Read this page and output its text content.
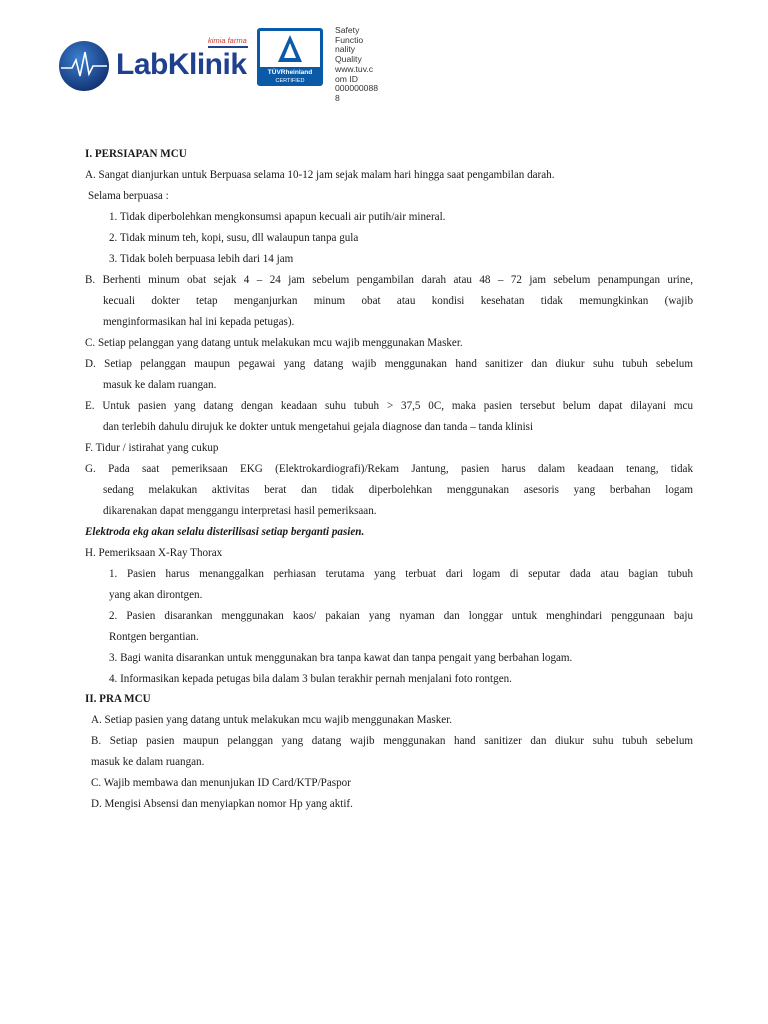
LabKlinik
kimia farma
TÜVRheinland
CERTIFIED
Safety
Functio
nality
Quality
www.tuv.c
om ID
000000088
8
I. PERSIAPAN MCU
A. Sangat dianjurkan untuk Berpuasa selama 10-12 jam sejak malam hari hingga saat pengambilan darah.
Selama berpuasa :
1. Tidak diperbolehkan mengkonsumsi apapun kecuali air putih/air mineral.
2. Tidak minum teh, kopi, susu, dll walaupun tanpa gula
3. Tidak boleh berpuasa lebih dari 14 jam
B. Berhenti minum obat sejak 4 – 24 jam sebelum pengambilan darah atau 48 – 72 jam sebelum penampungan urine,
kecuali dokter tetap menganjurkan minum obat atau kondisi kesehatan tidak memungkinkan (wajib
menginformasikan hal ini kepada petugas).
C. Setiap pelanggan yang datang untuk melakukan mcu wajib menggunakan Masker.
D. Setiap pelanggan maupun pegawai yang datang wajib menggunakan hand sanitizer dan diukur suhu tubuh sebelum
masuk ke dalam ruangan.
E. Untuk pasien yang datang dengan keadaan suhu tubuh > 37,5 0C, maka pasien tersebut belum dapat dilayani mcu
dan terlebih dahulu dirujuk ke dokter untuk mengetahui gejala diagnose dan tanda – tanda klinisi
F. Tidur / istirahat yang cukup
G. Pada saat pemeriksaan EKG (Elektrokardiografi)/Rekam Jantung, pasien harus dalam keadaan tenang, tidak
sedang melakukan aktivitas berat dan tidak diperbolehkan menggunakan asesoris yang berbahan logam
dikarenakan dapat menggangu interpretasi hasil pemeriksaan.
Elektroda ekg akan selalu disterilisasi setiap berganti pasien.
H. Pemeriksaan X-Ray Thorax
1. Pasien harus menanggalkan perhiasan terutama yang terbuat dari logam di seputar dada atau bagian tubuh
yang akan dirontgen.
2. Pasien disarankan menggunakan kaos/ pakaian yang nyaman dan longgar untuk menghindari penggunaan baju
Rontgen bergantian.
3. Bagi wanita disarankan untuk menggunakan bra tanpa kawat dan tanpa pengait yang berbahan logam.
4. Informasikan kepada petugas bila dalam 3 bulan terakhir pernah menjalani foto rontgen.
II. PRA MCU
A. Setiap pasien yang datang untuk melakukan mcu wajib menggunakan Masker.
B. Setiap pasien maupun pelanggan yang datang wajib menggunakan hand sanitizer dan diukur suhu tubuh sebelum
masuk ke dalam ruangan.
C. Wajib membawa dan menunjukan ID Card/KTP/Paspor
D. Mengisi Absensi dan menyiapkan nomor Hp yang aktif.
